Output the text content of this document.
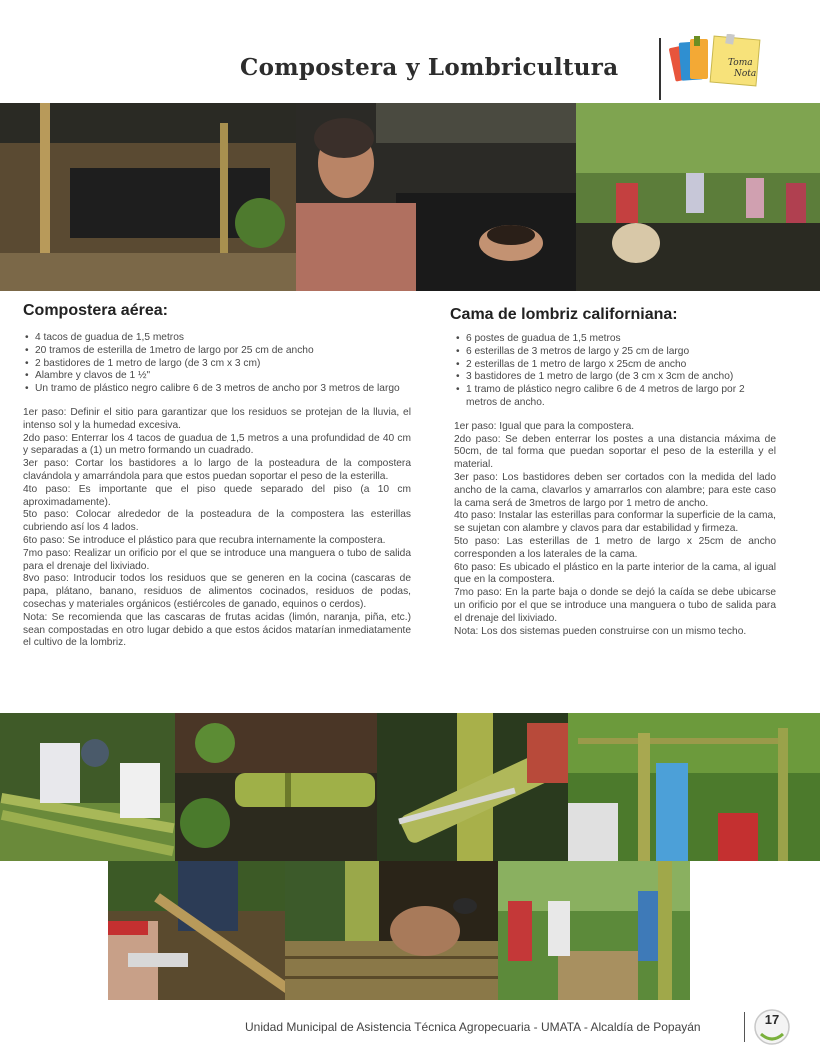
Compostera y Lombricultura	Toma
Nota
Compostera aérea:
• 4 tacos de guadua de 1,5 metros
• 20 tramos de esterilla de 1metro de largo por 25 cm de ancho
• 2 bastidores de 1 metro de largo (de 3 cm x 3 cm)
• Alambre y clavos de 1 ½"
• Un tramo de plástico negro calibre 6 de 3 metros de ancho por 3 metros de largo

1er paso: Definir el sitio para garantizar que los residuos se protejan de la lluvia, el intenso sol y la humedad excesiva.

2do paso: Enterrar los 4 tacos de guadua de 1,5 metros a una profundidad de 40 cm y separadas a (1) un metro formando un cuadrado.

3er paso: Cortar los bastidores a lo largo de la posteadura de la compostera clavándola y amarrándola para que estos puedan soportar el peso de la esterilla.

4to paso: Es importante que el piso quede separado del piso (a 10 cm aproximadamente).

5to paso: Colocar alrededor de la posteadura de la compostera las esterillas cubriendo así los 4 lados.

6to paso: Se introduce el plástico para que recubra internamente la compostera.

7mo paso: Realizar un orificio por el que se introduce una manguera o tubo de salida para el drenaje del lixiviado.

8vo paso: Introducir todos los residuos que se generen en la cocina (cascaras de papa, plátano, banano, residuos de alimentos cocinados, residuos de podas, cosechas y materiales orgánicos (estiércoles de ganado, equinos o cerdos).

Nota: Se recomienda que las cascaras de frutas acidas (limón, naranja, piña, etc.) sean compostadas en otro lugar debido a que estos ácidos matarían inmediatamente el cultivo de la lombriz.

Cama de lombriz californiana:
• 6 postes de guadua de 1,5 metros
• 6 esterillas de 3 metros de largo y 25 cm de largo
• 2 esterillas de 1 metro de largo x 25cm de ancho
• 3 bastidores de 1 metro de largo (de 3 cm x 3cm de ancho)
• 1 tramo de plástico negro calibre 6 de 4 metros de largo por 2 metros de ancho.

1er paso: Igual que para la compostera.

2do paso: Se deben enterrar los postes a una distancia máxima de 50cm, de tal forma que puedan soportar el peso de la esterilla y el material.

3er paso: Los bastidores deben ser cortados con la medida del lado ancho de la cama, clavarlos y amarrarlos con alambre; para este caso la cama será de 3metros de largo por 1 metro de ancho.

4to paso: Instalar las esterillas para conformar la superficie de la cama, se sujetan con alambre y clavos para dar estabilidad y firmeza.

5to paso: Las esterillas de 1 metro de largo x 25cm de ancho corresponden a los laterales de la cama.

6to paso: Es ubicado el plástico en la parte interior de la cama, al igual que en la compostera.

7mo paso: En la parte baja o donde se dejó la caída se debe ubicarse un orificio por el que se introduce una manguera o tubo de salida para el drenaje del lixiviado.

Nota: Los dos sistemas pueden construirse con un mismo techo.

Unidad Municipal de Asistencia Técnica Agropecuaria - UMATA - Alcaldía de Popayán	17
